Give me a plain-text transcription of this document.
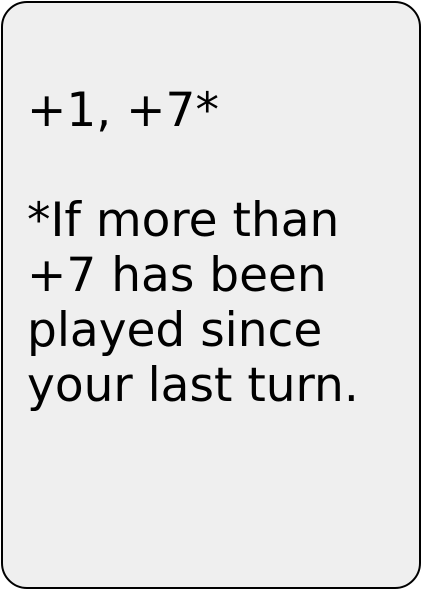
+1, +7*
*If more than
+7 has been
played since
your last turn.
